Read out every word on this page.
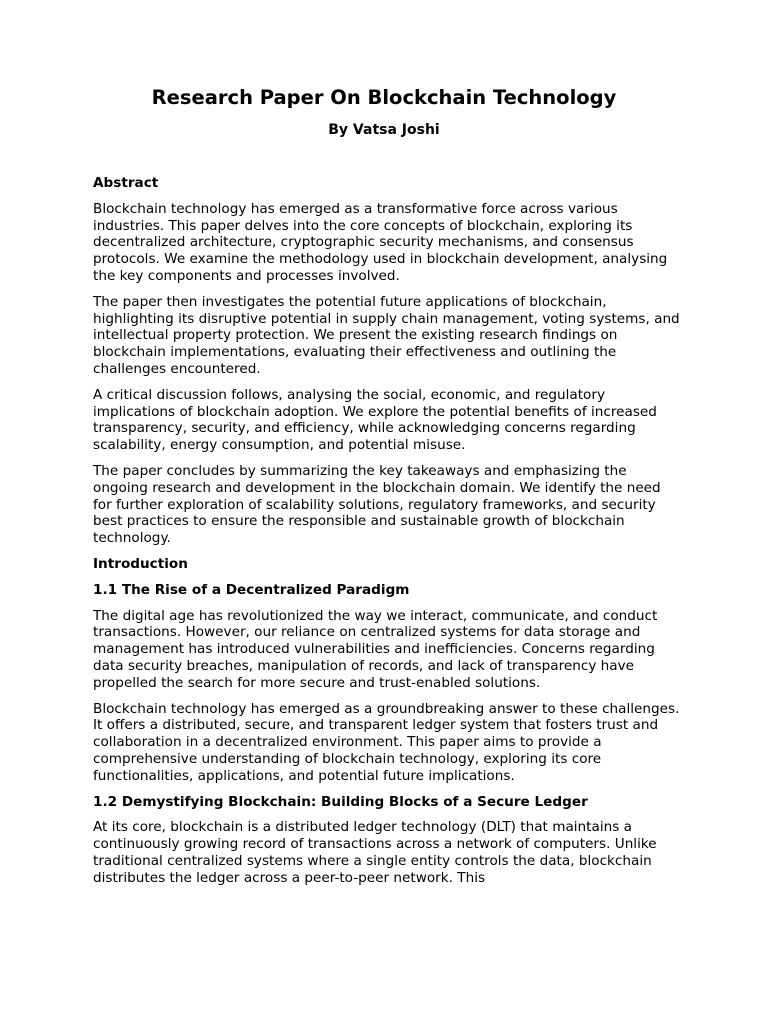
Research Paper On Blockchain Technology
By Vatsa Joshi
Abstract

Blockchain technology has emerged as a transformative force across various industries. This paper delves into the core concepts of blockchain, exploring its decentralized architecture, cryptographic security mechanisms, and consensus protocols. We examine the methodology used in blockchain development, analysing the key components and processes involved.

The paper then investigates the potential future applications of blockchain, highlighting its disruptive potential in supply chain management, voting systems, and intellectual property protection. We present the existing research findings on blockchain implementations, evaluating their effectiveness and outlining the challenges encountered.

A critical discussion follows, analysing the social, economic, and regulatory implications of blockchain adoption. We explore the potential benefits of increased transparency, security, and efficiency, while acknowledging concerns regarding scalability, energy consumption, and potential misuse.

The paper concludes by summarizing the key takeaways and emphasizing the ongoing research and development in the blockchain domain. We identify the need for further exploration of scalability solutions, regulatory frameworks, and security best practices to ensure the responsible and sustainable growth of blockchain technology.

Introduction
1.1 The Rise of a Decentralized Paradigm

The digital age has revolutionized the way we interact, communicate, and conduct transactions. However, our reliance on centralized systems for data storage and management has introduced vulnerabilities and inefficiencies. Concerns regarding data security breaches, manipulation of records, and lack of transparency have propelled the search for more secure and trust-enabled solutions.

Blockchain technology has emerged as a groundbreaking answer to these challenges. It offers a distributed, secure, and transparent ledger system that fosters trust and collaboration in a decentralized environment. This paper aims to provide a comprehensive understanding of blockchain technology, exploring its core functionalities, applications, and potential future implications.

1.2 Demystifying Blockchain: Building Blocks of a Secure Ledger

At its core, blockchain is a distributed ledger technology (DLT) that maintains a continuously growing record of transactions across a network of computers. Unlike traditional centralized systems where a single entity controls the data, blockchain distributes the ledger across a peer-to-peer network. This
